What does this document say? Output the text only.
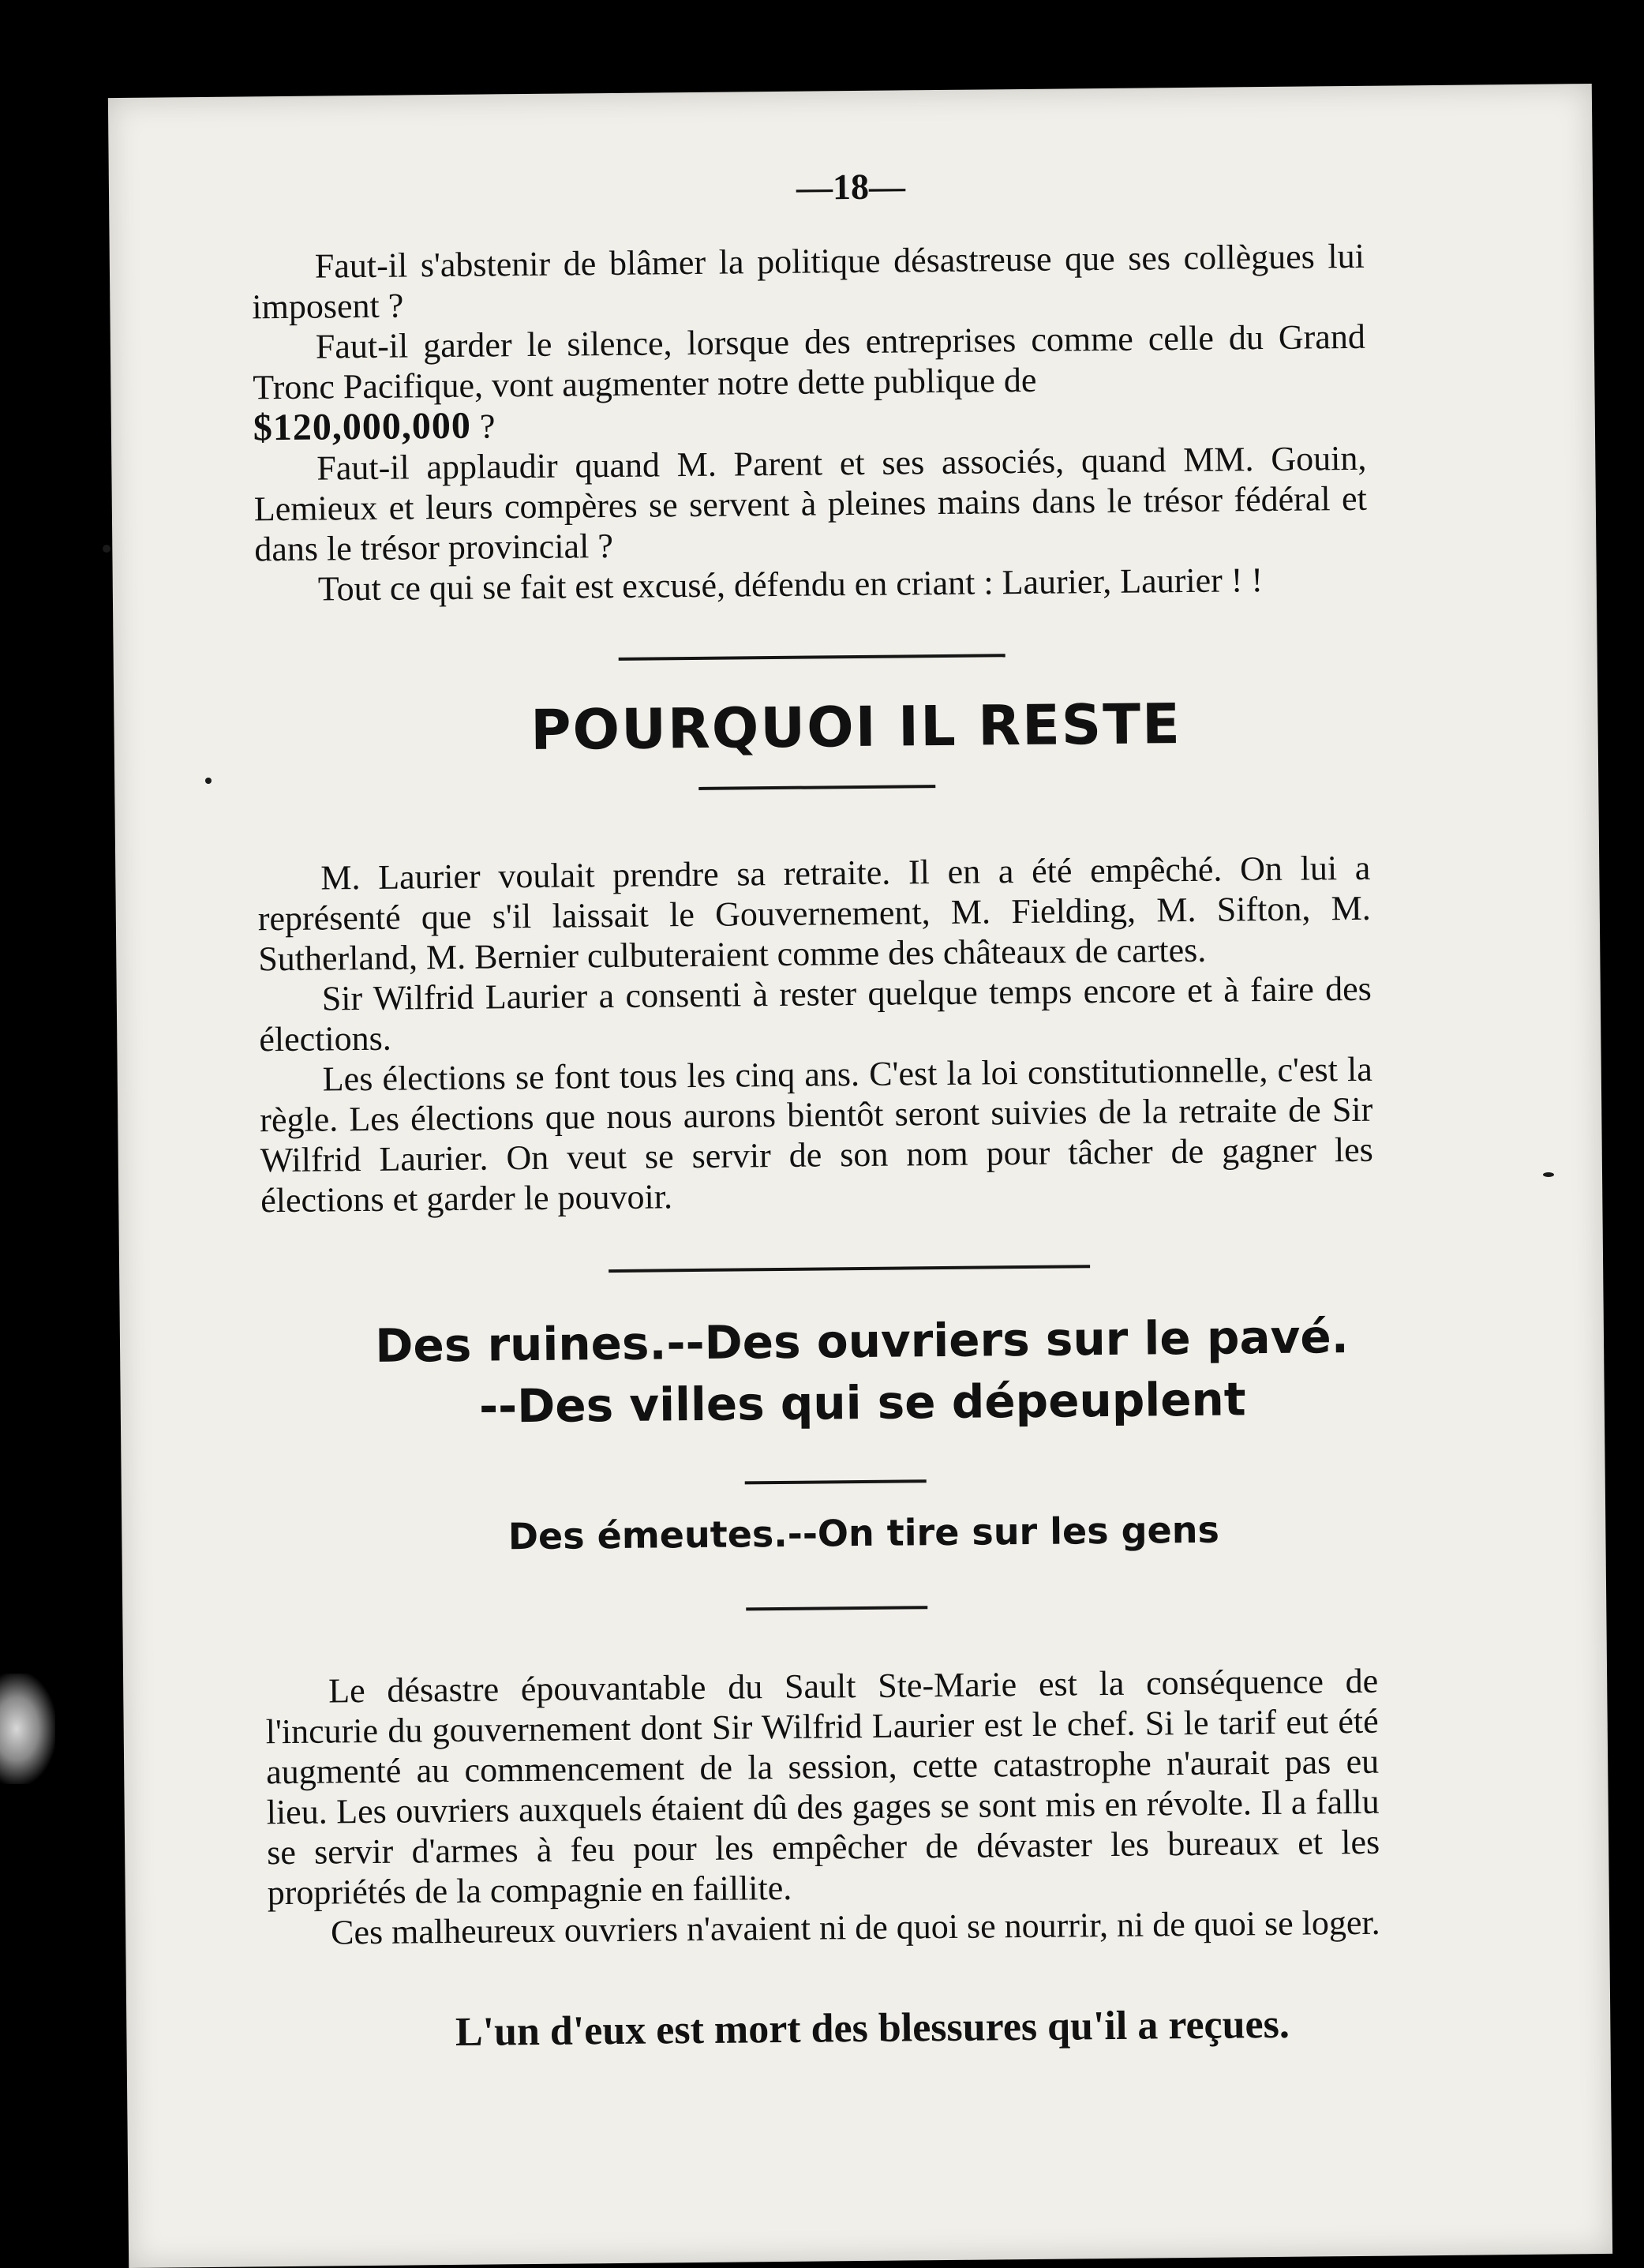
—18—

Faut-il s'abstenir de blâmer la politique désastreuse que ses collègues lui imposent ?

Faut-il garder le silence, lorsque des entreprises comme celle du Grand Tronc Pacifique, vont augmenter notre dette publique de
$120,000,000 ?

Faut-il applaudir quand M. Parent et ses associés, quand MM. Gouin, Lemieux et leurs compères se servent à pleines mains dans le trésor fédéral et dans le trésor provincial ?

Tout ce qui se fait est excusé, défendu en criant : Laurier, Laurier ! !

POURQUOI IL RESTE

M. Laurier voulait prendre sa retraite. Il en a été empêché. On lui a représenté que s'il laissait le Gouvernement, M. Fielding, M. Sifton, M. Sutherland, M. Bernier culbuteraient comme des châteaux de cartes.

Sir Wilfrid Laurier a consenti à rester quelque temps encore et à faire des élections.

Les élections se font tous les cinq ans. C'est la loi constitutionnelle, c'est la règle. Les élections que nous aurons bientôt seront suivies de la retraite de Sir Wilfrid Laurier. On veut se servir de son nom pour tâcher de gagner les élections et garder le pouvoir.

Des ruines.--Des ouvriers sur le pavé.
--Des villes qui se dépeuplent
Des émeutes.--On tire sur les gens

Le désastre épouvantable du Sault Ste-Marie est la conséquence de l'incurie du gouvernement dont Sir Wilfrid Laurier est le chef. Si le tarif eut été augmenté au commencement de la session, cette catastrophe n'aurait pas eu lieu. Les ouvriers auxquels étaient dû des gages se sont mis en révolte. Il a fallu se servir d'armes à feu pour les empêcher de dévaster les bureaux et les propriétés de la compagnie en faillite.

Ces malheureux ouvriers n'avaient ni de quoi se nourrir, ni de quoi se loger.

L'un d'eux est mort des blessures qu'il a reçues.
